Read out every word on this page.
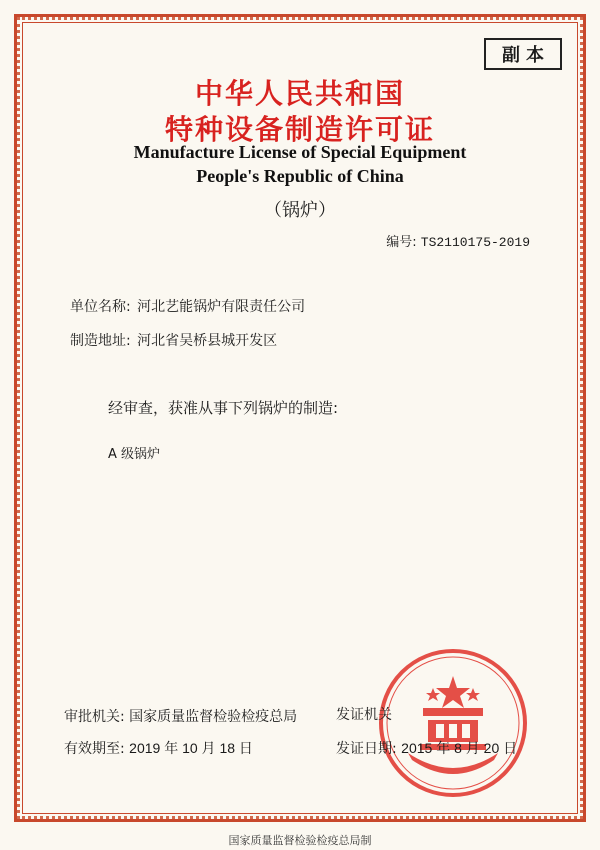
副本
中华人民共和国
特种设备制造许可证
Manufacture License of Special Equipment
People's Republic of China
（锅炉）
编号: TS2110175-2019
单位名称: 河北艺能锅炉有限责任公司
制造地址: 河北省吴桥县城开发区
经审查，获准从事下列锅炉的制造:
A 级锅炉
审批机关: 国家质量监督检验检疫总局	发证机关
有效期至: 2019 年 10 月 18 日	发证日期: 2015 年 8 月 20 日
国家质量监督检验检疫总局制
